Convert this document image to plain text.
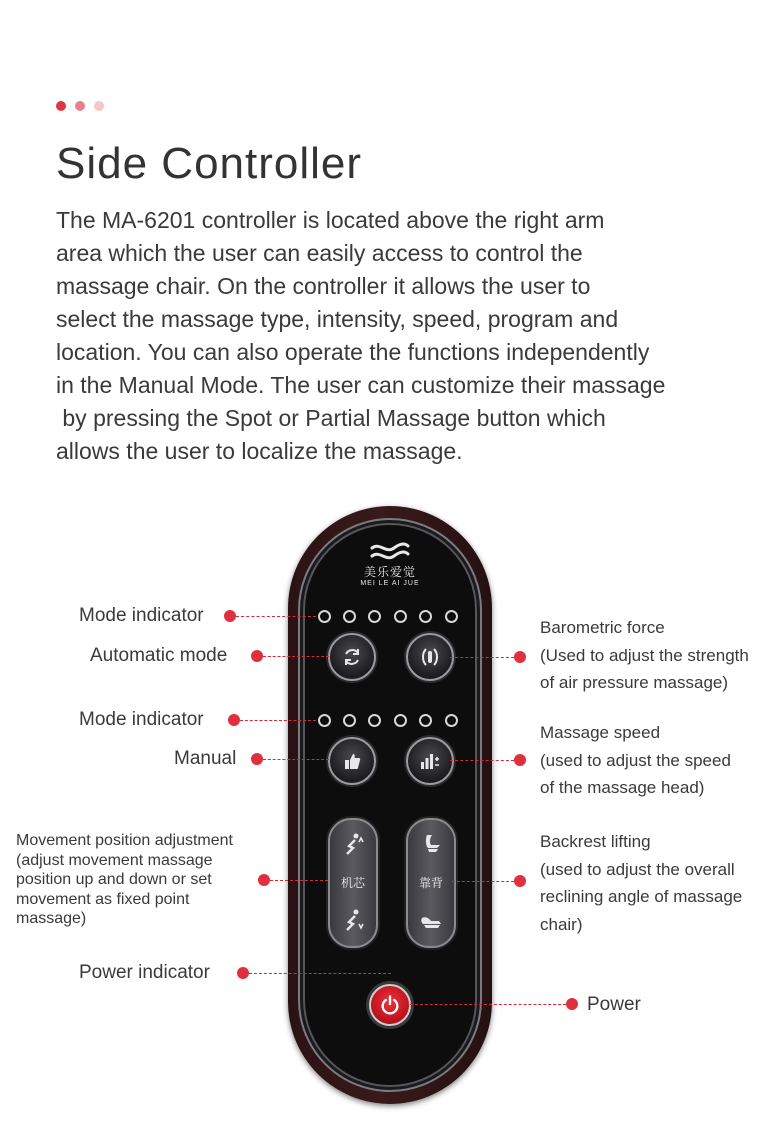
Side Controller
The MA-6201 controller is located above the right arm
area which the user can easily access to control the
massage chair. On the controller it allows the user to
select the massage type, intensity, speed, program and
location. You can also operate the functions independently
in the Manual Mode. The user can customize their massage
by pressing the Spot or Partial Massage button which
allows the user to localize the massage.
美乐爱觉
MEI LE AI JUE
机芯	靠背
Mode indicator
Automatic mode
Mode indicator
Manual
Movement position adjustment
(adjust movement massage
position up and down or set
movement as fixed point
massage)
Power indicator
Barometric force
(Used to adjust the strength
of air pressure massage)
Massage speed
(used to adjust the speed
of the massage head)
Backrest lifting
(used to adjust the overall
reclining angle of massage
chair)
Power
